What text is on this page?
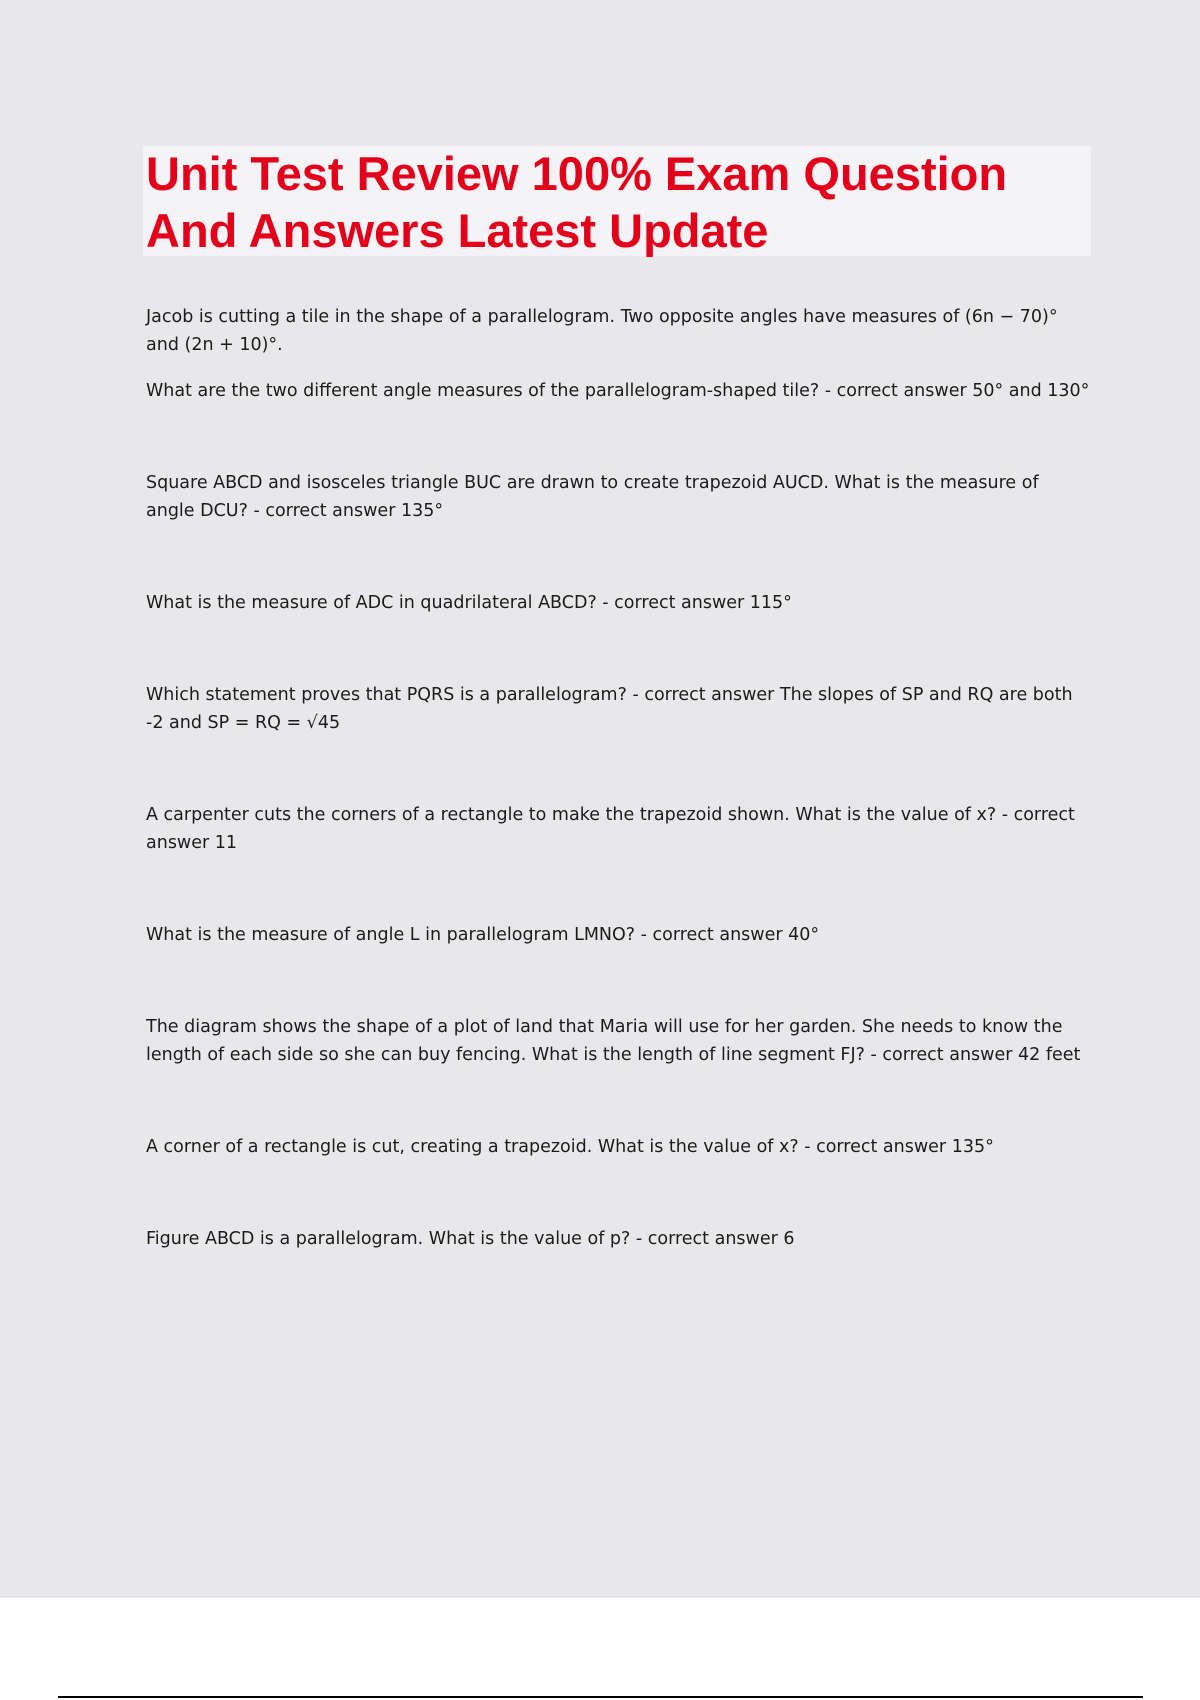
Unit Test Review 100% Exam Question And Answers Latest Update

Jacob is cutting a tile in the shape of a parallelogram. Two opposite angles have measures of (6n − 70)° and (2n + 10)°.

What are the two different angle measures of the parallelogram-shaped tile? - correct answer 50° and 130°

Square ABCD and isosceles triangle BUC are drawn to create trapezoid AUCD. What is the measure of angle DCU? - correct answer 135°

What is the measure of ADC in quadrilateral ABCD? - correct answer 115°

Which statement proves that PQRS is a parallelogram? - correct answer The slopes of SP and RQ are both -2 and SP = RQ = √45

A carpenter cuts the corners of a rectangle to make the trapezoid shown. What is the value of x? - correct answer 11

What is the measure of angle L in parallelogram LMNO? - correct answer 40°

The diagram shows the shape of a plot of land that Maria will use for her garden. She needs to know the length of each side so she can buy fencing. What is the length of line segment FJ? - correct answer 42 feet

A corner of a rectangle is cut, creating a trapezoid. What is the value of x? - correct answer 135°

Figure ABCD is a parallelogram. What is the value of p? - correct answer 6
